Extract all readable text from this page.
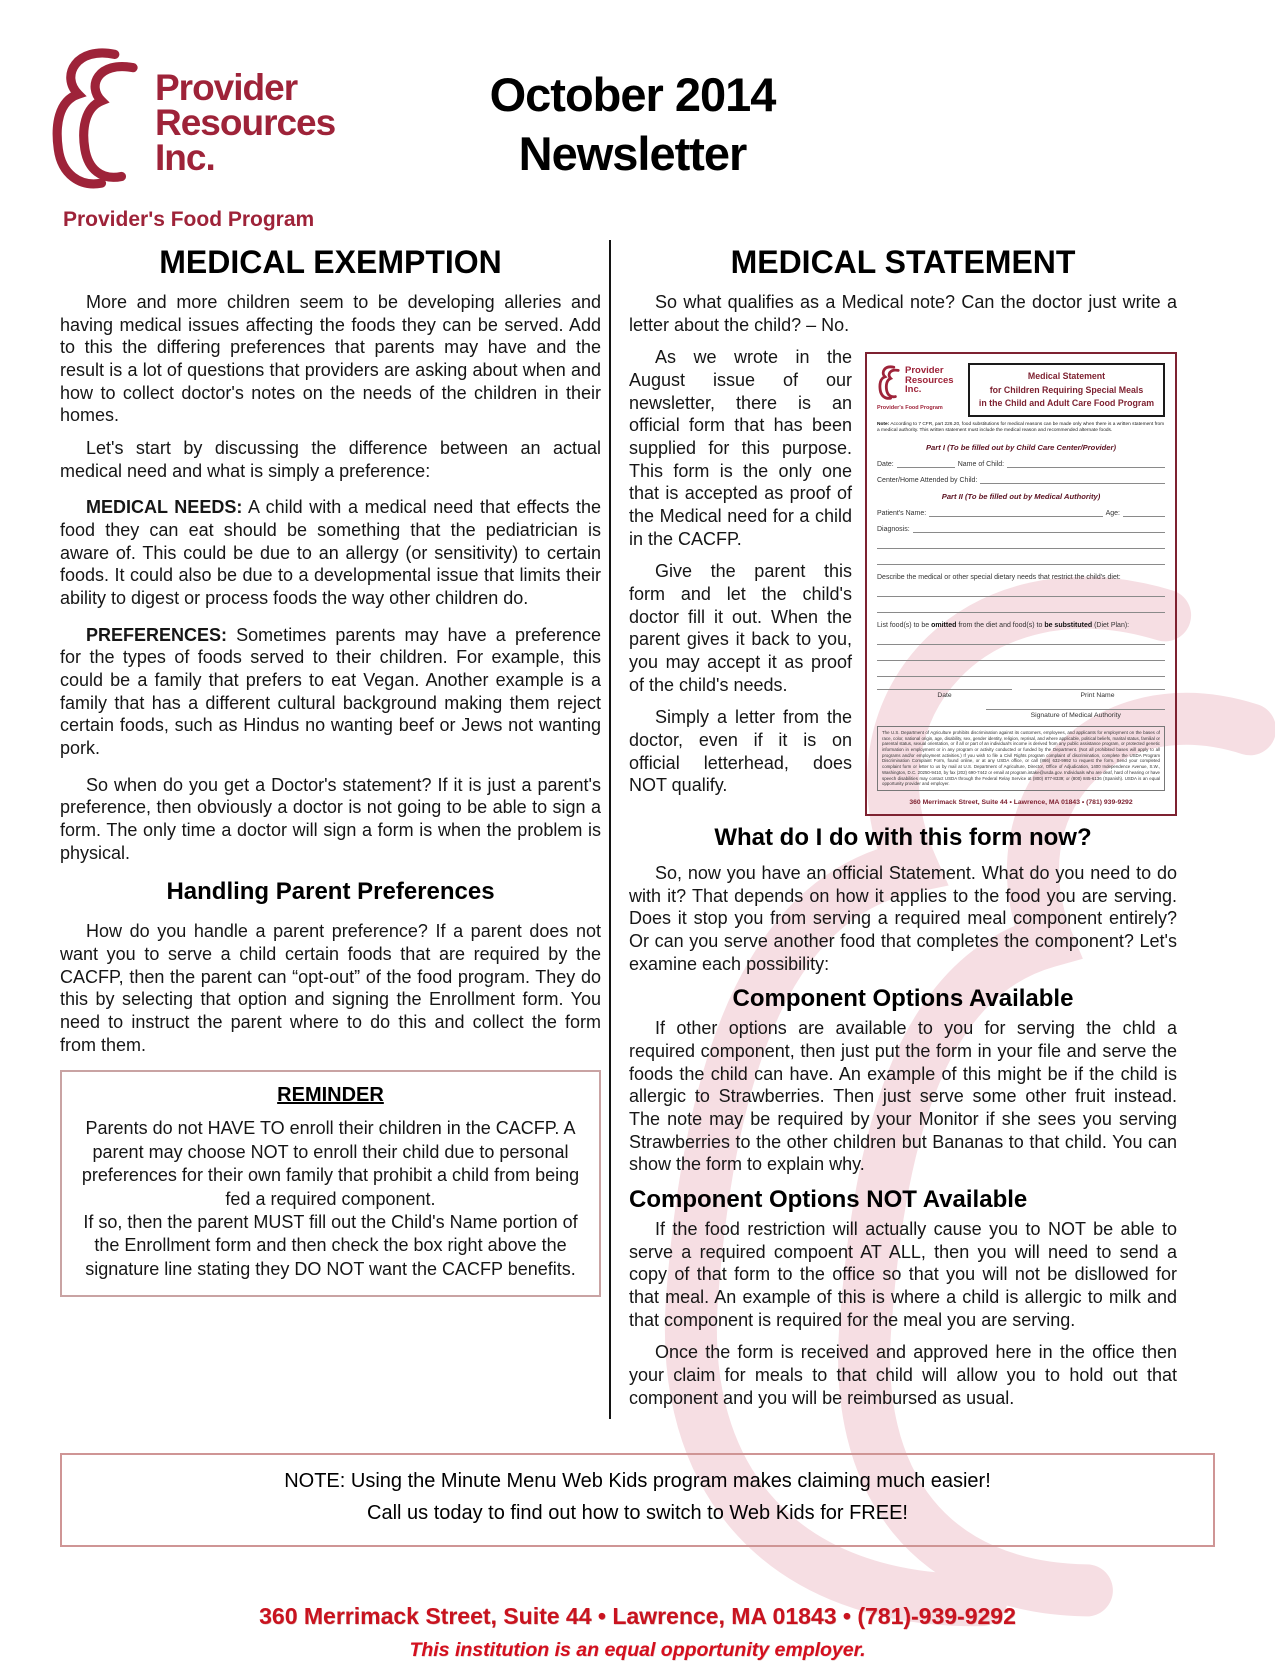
Provider
Resources
Inc.
Provider's Food Program
October 2014
Newsletter
MEDICAL EXEMPTION

More and more children seem to be developing alleries and having medical issues affecting the foods they can be served. Add to this the differing preferences that parents may have and the result is a lot of questions that providers are asking about when and how to collect doctor's notes on the needs of the children in their homes.

Let's start by discussing the difference between an actual medical need and what is simply a preference:

MEDICAL NEEDS: A child with a medical need that effects the food they can eat should be something that the pediatrician is aware of. This could be due to an allergy (or sensitivity) to certain foods. It could also be due to a developmental issue that limits their ability to digest or process foods the way other children do.

PREFERENCES: Sometimes parents may have a preference for the types of foods served to their children. For example, this could be a family that prefers to eat Vegan. Another example is a family that has a different cultural background making them reject certain foods, such as Hindus no wanting beef or Jews not wanting pork.

So when do you get a Doctor's statement? If it is just a parent's preference, then obviously a doctor is not going to be able to sign a form. The only time a doctor will sign a form is when the problem is physical.

Handling Parent Preferences

How do you handle a parent preference? If a parent does not want you to serve a child certain foods that are required by the CACFP, then the parent can “opt-out” of the food program. They do this by selecting that option and signing the Enrollment form. You need to instruct the parent where to do this and collect the form from them.

REMINDER

Parents do not HAVE TO enroll their children in the CACFP. A parent may choose NOT to enroll their child due to personal preferences for their own family that prohibit a child from being fed a required component.

If so, then the parent MUST fill out the Child's Name portion of the Enrollment form and then check the box right above the signature line stating they DO NOT want the CACFP benefits.

MEDICAL STATEMENT

So what qualifies as a Medical note? Can the doctor just write a letter about the child? – No.

Provider
Resources
Inc.
Provider's Food Program
Medical Statement
for Children Requiring Special Meals
in the Child and Adult Care Food Program
Note: According to 7 CFR, part 226.20, food substitutions for medical reasons can be made only when there is a written statement from a medical authority. This written statement must include the medical reason and recommended alternate foods.
Part I (To be filled out by Child Care Center/Provider)
Date:	Name of Child:
Center/Home Attended by Child:
Part II (To be filled out by Medical Authority)
Patient's Name:	Age:
Diagnosis:
Describe the medical or other special dietary needs that restrict the child's diet:
List food(s) to be omitted from the diet and food(s) to be substituted (Diet Plan):
Date	Print Name
Signature of Medical Authority
The U.S. Department of Agriculture prohibits discrimination against its customers, employees, and applicants for employment on the bases of race, color, national origin, age, disability, sex, gender identity, religion, reprisal, and where applicable, political beliefs, marital status, familial or parental status, sexual orientation, or if all or part of an individual's income is derived from any public assistance program, or protected genetic information in employment or in any program or activity conducted or funded by the Department. (Not all prohibited bases will apply to all programs and/or employment activities.) If you wish to file a Civil Rights program complaint of discrimination, complete the USDA Program Discrimination Complaint Form, found online, or at any USDA office, or call (866) 632-9992 to request the form. Send your completed complaint form or letter to us by mail at U.S. Department of Agriculture, Director, Office of Adjudication, 1400 Independence Avenue, S.W., Washington, D.C. 20250-9410, by fax (202) 690-7442 or email at program.intake@usda.gov. Individuals who are deaf, hard of hearing or have speech disabilities may contact USDA through the Federal Relay Service at (800) 877-8339; or (800) 845-6136 (Spanish). USDA is an equal opportunity provider and employer.
360 Merrimack Street, Suite 44 • Lawrence, MA 01843 • (781) 939-9292

As we wrote in the August issue of our newsletter, there is an official form that has been supplied for this purpose. This form is the only one that is accepted as proof of the Medical need for a child in the CACFP.

Give the parent this form and let the child's doctor fill it out. When the parent gives it back to you, you may accept it as proof of the child's needs.

Simply a letter from the doctor, even if it is on official letterhead, does NOT qualify.

What do I do with this form now?

So, now you have an official Statement. What do you need to do with it? That depends on how it applies to the food you are serving. Does it stop you from serving a required meal component entirely? Or can you serve another food that completes the component? Let's examine each possibility:

Component Options Available

If other options are available to you for serving the chld a required component, then just put the form in your file and serve the foods the child can have. An example of this might be if the child is allergic to Strawberries. Then just serve some other fruit instead. The note may be required by your Monitor if she sees you serving Strawberries to the other children but Bananas to that child. You can show the form to explain why.

Component Options NOT Available

If the food restriction will actually cause you to NOT be able to serve a required compoent AT ALL, then you will need to send a copy of that form to the office so that you will not be disllowed for that meal. An example of this is where a child is allergic to milk and that component is required for the meal you are serving.

Once the form is received and approved here in the office then your claim for meals to that child will allow you to hold out that component and you will be reimbursed as usual.

NOTE: Using the Minute Menu Web Kids program makes claiming much easier!
Call us today to find out how to switch to Web Kids for FREE!
360 Merrimack Street, Suite 44 • Lawrence, MA 01843 • (781)-939-9292
This institution is an equal opportunity employer.
